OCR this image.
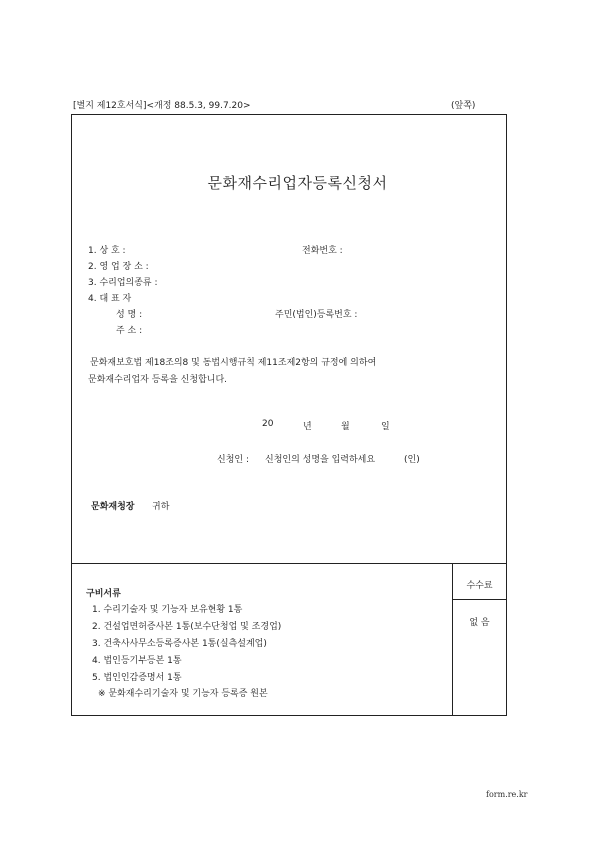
[별지 제12호서식]<개정 88.5.3, 99.7.20>	(앞쪽)
문화재수리업자등록신청서
1. 상 호 :	전화번호 :
2. 영 업 장 소 :
3. 수리업의종류 :
4. 대 표 자
성 명 :	주민(법인)등록번호 :
주 소 :
문화재보호법 제18조의8 및 동법시행규칙 제11조제2항의 규정에 의하여
문화재수리업자 등록을 신청합니다.
20	년	월	일
신청인 : 신청인의 성명을 입력하세요	(인)
문화재청장 귀하
구비서류
1. 수리기술자 및 기능자 보유현황 1통
2. 건설업면허증사본 1통(보수단청업 및 조경업)
3. 건축사사무소등록증사본 1통(실측설계업)
4. 법인등기부등본 1통
5. 법인인감증명서 1통
※ 문화재수리기술자 및 기능자 등록증 원본
수수료
없 음
form.re.kr
